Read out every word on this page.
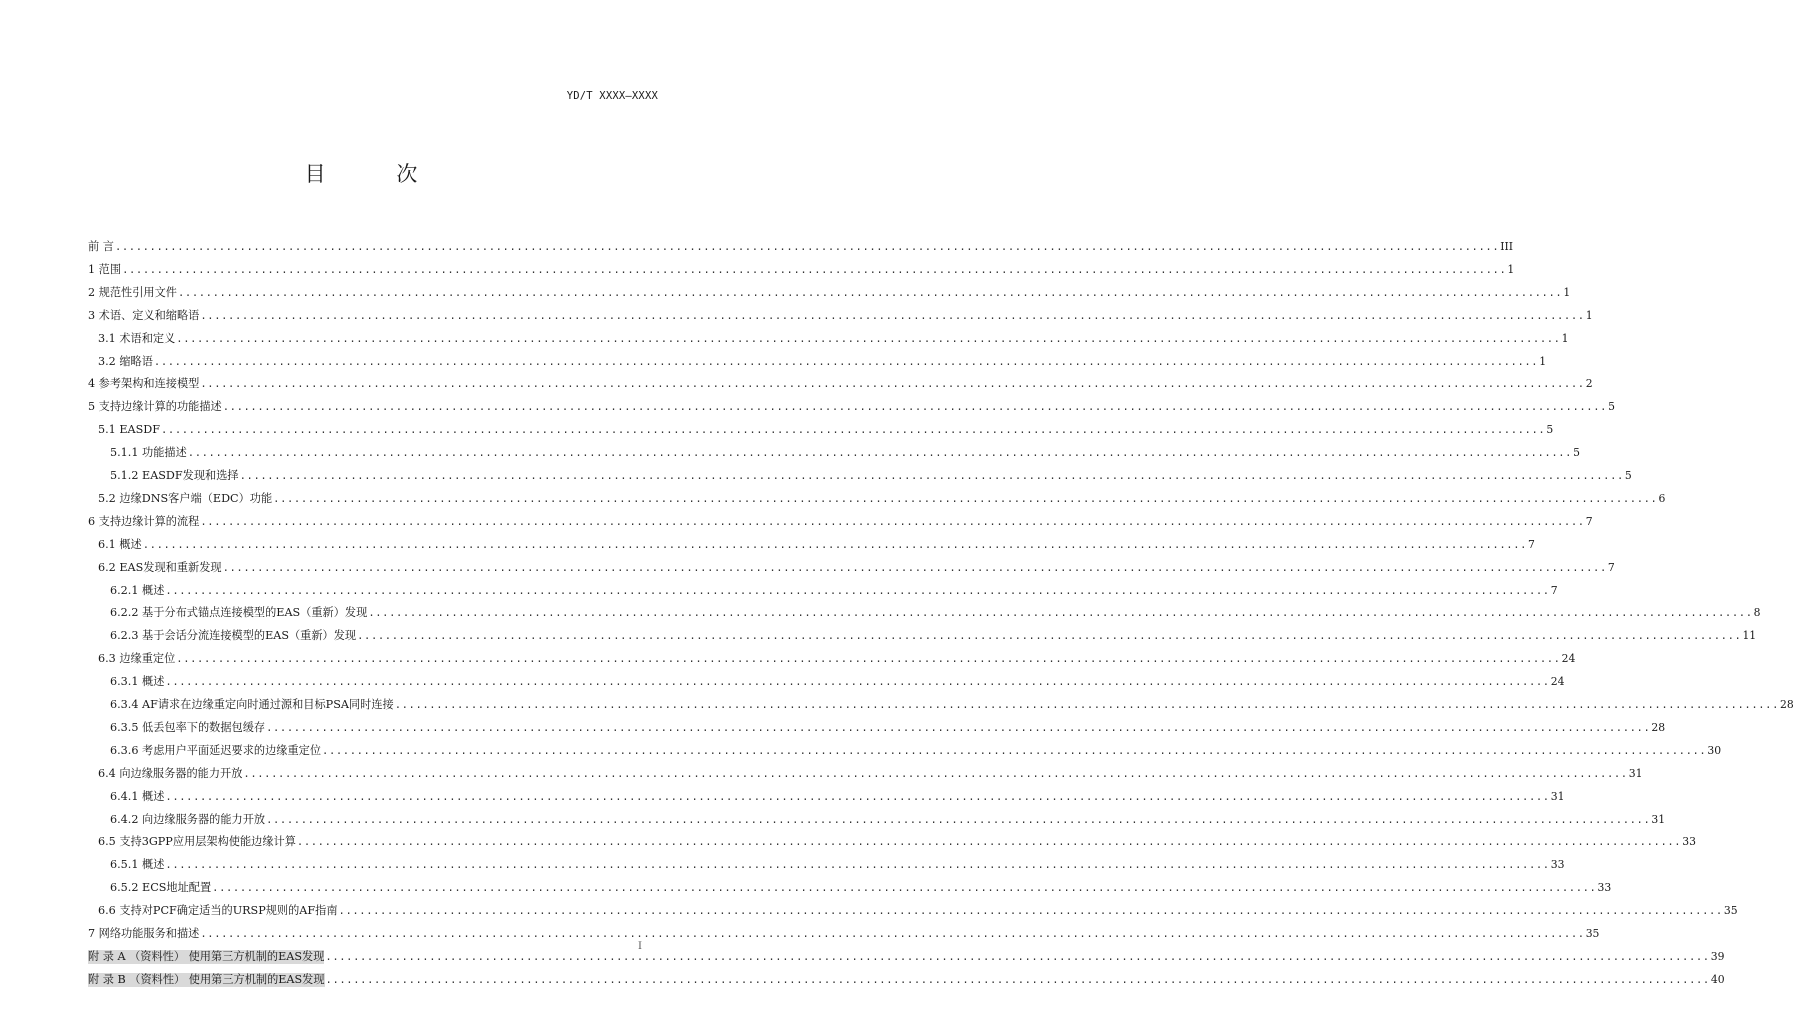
YD/T XXXX—XXXX
目 次
前 言 ........................................................................................................................................................................................................ III
1 范围 ........................................................................................................................................................................................................ 1
2 规范性引用文件 ........................................................................................................................................................................................................ 1
3 术语、定义和缩略语 ........................................................................................................................................................................................................ 1
3.1 术语和定义 ........................................................................................................................................................................................................ 1
3.2 缩略语 ........................................................................................................................................................................................................ 1
4 参考架构和连接模型 ........................................................................................................................................................................................................ 2
5 支持边缘计算的功能描述 ........................................................................................................................................................................................................ 5
5.1 EASDF ........................................................................................................................................................................................................ 5
5.1.1 功能描述 ........................................................................................................................................................................................................ 5
5.1.2 EASDF发现和选择 ........................................................................................................................................................................................................ 5
5.2 边缘DNS客户端（EDC）功能 ........................................................................................................................................................................................................ 6
6 支持边缘计算的流程 ........................................................................................................................................................................................................ 7
6.1 概述 ........................................................................................................................................................................................................ 7
6.2 EAS发现和重新发现 ........................................................................................................................................................................................................ 7
6.2.1 概述 ........................................................................................................................................................................................................ 7
6.2.2 基于分布式锚点连接模型的EAS（重新）发现 ........................................................................................................................................................................................................ 8
6.2.3 基于会话分流连接模型的EAS（重新）发现 ........................................................................................................................................................................................................ 11
6.3 边缘重定位 ........................................................................................................................................................................................................ 24
6.3.1 概述 ........................................................................................................................................................................................................ 24
6.3.4 AF请求在边缘重定向时通过源和目标PSA同时连接 ........................................................................................................................................................................................................ 28
6.3.5 低丢包率下的数据包缓存 ........................................................................................................................................................................................................ 28
6.3.6 考虑用户平面延迟要求的边缘重定位 ........................................................................................................................................................................................................ 30
6.4 向边缘服务器的能力开放 ........................................................................................................................................................................................................ 31
6.4.1 概述 ........................................................................................................................................................................................................ 31
6.4.2 向边缘服务器的能力开放 ........................................................................................................................................................................................................ 31
6.5 支持3GPP应用层架构使能边缘计算 ........................................................................................................................................................................................................ 33
6.5.1 概述 ........................................................................................................................................................................................................ 33
6.5.2 ECS地址配置 ........................................................................................................................................................................................................ 33
6.6 支持对PCF确定适当的URSP规则的AF指南 ........................................................................................................................................................................................................ 35
7 网络功能服务和描述 ........................................................................................................................................................................................................ 35
附 录 A （资料性） 使用第三方机制的EAS发现 ........................................................................................................................................................................................................ 39
附 录 B （资料性） 使用第三方机制的EAS发现 ........................................................................................................................................................................................................ 40
I
